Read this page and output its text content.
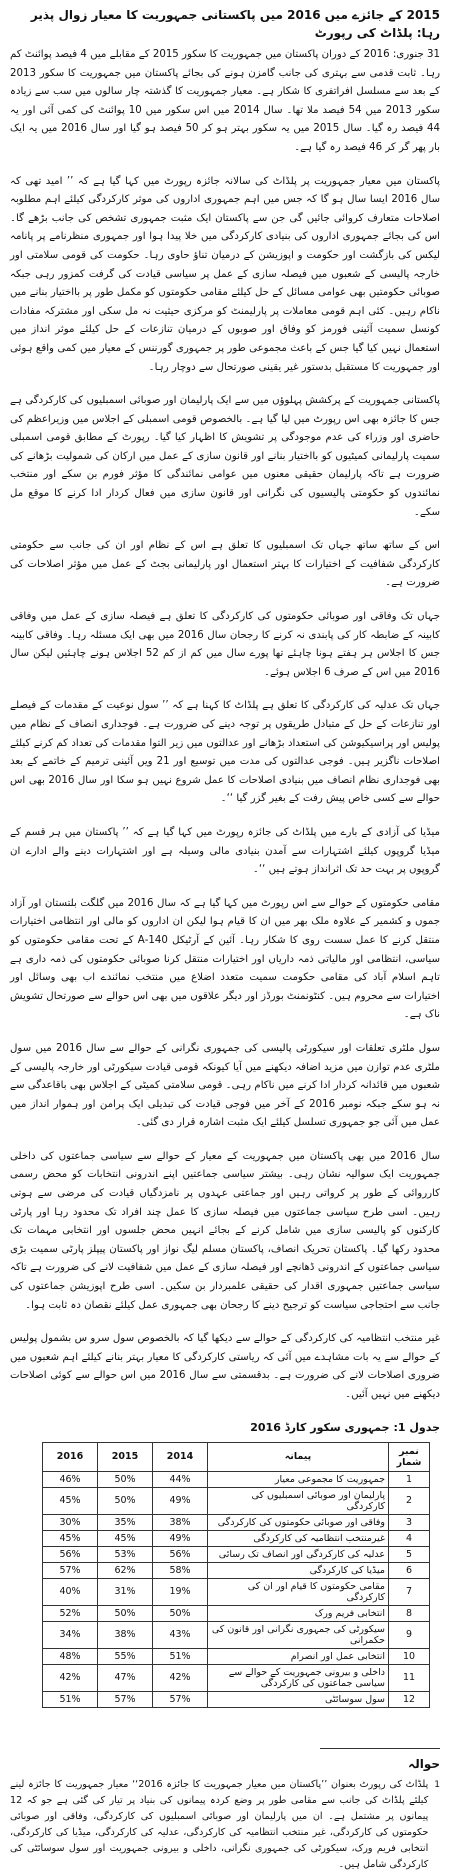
2015 کے جائزے میں 2016 میں پاکستانی جمہوریت کا معیار زوال پذیر رہا: پلڈاٹ کی رپورٹ

31 جنوری: 2016 کے دوران پاکستان میں جمہوریت کا سکور 2015 کے مقابلے میں 4 فیصد پوائنٹ کم رہا۔ ثابت قدمی سے بہتری کی جانب گامزن ہونے کی بجائے پاکستان میں جمہوریت کا سکور 2013 کے بعد سے مسلسل افراتفری کا شکار ہے۔ معیار جمہوریت کا گذشتہ چار سالوں میں سب سے زیادہ سکور 2013 میں 54 فیصد ملا تھا۔ سال 2014 میں اس سکور میں 10 پوائنٹ کی کمی آئی اور یہ 44 فیصد رہ گیا۔ سال 2015 میں یہ سکور بہتر ہو کر 50 فیصد ہو گیا اور سال 2016 میں یہ ایک بار پھر گر کر 46 فیصد رہ گیا ہے۔

پاکستان میں معیار جمہوریت پر پلڈاٹ کی سالانہ جائزہ رپورٹ میں کہا گیا ہے کہ ’’ امید تھی کہ سال 2016 ایسا سال ہو گا کہ جس میں اہم جمہوری اداروں کی موثر کارکردگی کیلئے اہم مطلوبہ اصلاحات متعارف کروائی جائیں گی جن سے پاکستان ایک مثبت جمہوری تشخص کی جانب بڑھے گا۔ اس کی بجائے جمہوری اداروں کی بنیادی کارکردگی میں خلا پیدا ہوا اور جمہوری منظرنامے پر پانامہ لیکس کی بازگشت اور حکومت و اپوزیشن کے درمیان تناؤ حاوی رہا۔ حکومت کی قومی سلامتی اور خارجہ پالیسی کے شعبوں میں فیصلہ سازی کے عمل پر سیاسی قیادت کی گرفت کمزور رہی جبکہ صوبائی حکومتیں بھی عوامی مسائل کے حل کیلئے مقامی حکومتوں کو مکمل طور پر بااختیار بنانے میں ناکام رہیں۔ کئی اہم قومی معاملات پر پارلیمنٹ کو مرکزی حیثیت نہ مل سکی اور مشترکہ مفادات کونسل سمیت آئینی فورمز کو وفاق اور صوبوں کے درمیان تنازعات کے حل کیلئے موثر انداز میں استعمال نہیں کیا گیا جس کے باعث مجموعی طور پر جمہوری گورننس کے معیار میں کمی واقع ہوئی اور جمہوریت کا مستقبل بدستور غیر یقینی صورتحال سے دوچار رہا۔

پاکستانی جمہوریت کے پرکشش پہلوؤں میں سے ایک پارلیمان اور صوبائی اسمبلیوں کی کارکردگی ہے جس کا جائزہ بھی اس رپورٹ میں لیا گیا ہے۔ بالخصوص قومی اسمبلی کے اجلاس میں وزیراعظم کی حاضری اور وزراء کی عدم موجودگی پر تشویش کا اظہار کیا گیا۔ رپورٹ کے مطابق قومی اسمبلی سمیت پارلیمانی کمیٹیوں کو بااختیار بنانے اور قانون سازی کے عمل میں ارکان کی شمولیت بڑھانے کی ضرورت ہے تاکہ پارلیمان حقیقی معنوں میں عوامی نمائندگی کا مؤثر فورم بن سکے اور منتخب نمائندوں کو حکومتی پالیسیوں کی نگرانی اور قانون سازی میں فعال کردار ادا کرنے کا موقع مل سکے۔

اس کے ساتھ ساتھ جہاں تک اسمبلیوں کا تعلق ہے اس کے نظام اور ان کی جانب سے حکومتی کارکردگی شفافیت کے اختیارات کا بہتر استعمال اور پارلیمانی بجٹ کے عمل میں مؤثر اصلاحات کی ضرورت ہے۔

جہاں تک وفاقی اور صوبائی حکومتوں کی کارکردگی کا تعلق ہے فیصلہ سازی کے عمل میں وفاقی کابینہ کے ضابطہ کار کی پابندی نہ کرنے کا رجحان سال 2016 میں بھی ایک مسئلہ رہا۔ وفاقی کابینہ جس کا اجلاس ہر ہفتے ہونا چاہئے تھا پورے سال میں کم از کم 52 اجلاس ہونے چاہئیں لیکن سال 2016 میں اس کے صرف 6 اجلاس ہوئے۔

جہاں تک عدلیہ کی کارکردگی کا تعلق ہے پلڈاٹ کا کہنا ہے کہ ’’ سول نوعیت کے مقدمات کے فیصلے اور تنازعات کے حل کے متبادل طریقوں پر توجہ دینے کی ضرورت ہے۔ فوجداری انصاف کے نظام میں پولیس اور پراسیکیوشن کی استعداد بڑھانے اور عدالتوں میں زیر التوا مقدمات کی تعداد کم کرنے کیلئے اصلاحات ناگزیر ہیں۔ فوجی عدالتوں کی مدت میں توسیع اور 21 ویں آئینی ترمیم کے خاتمے کے بعد بھی فوجداری نظام انصاف میں بنیادی اصلاحات کا عمل شروع نہیں ہو سکا اور سال 2016 بھی اس حوالے سے کسی خاص پیش رفت کے بغیر گزر گیا ‘‘۔

میڈیا کی آزادی کے بارے میں پلڈاٹ کی جائزہ رپورٹ میں کہا گیا ہے کہ ’’ پاکستان میں ہر قسم کے میڈیا گروپوں کیلئے اشتہارات سے آمدن بنیادی مالی وسیلہ ہے اور اشتہارات دینے والے ادارے ان گروپوں پر بہت حد تک اثرانداز ہوتے ہیں ‘‘۔

مقامی حکومتوں کے حوالے سے اس رپورٹ میں کہا گیا ہے کہ سال 2016 میں گلگت بلتستان اور آزاد جموں و کشمیر کے علاوہ ملک بھر میں ان کا قیام ہوا لیکن ان اداروں کو مالی اور انتظامی اختیارات منتقل کرنے کا عمل سست روی کا شکار رہا۔ آئین کے آرٹیکل 140-A کے تحت مقامی حکومتوں کو سیاسی، انتظامی اور مالیاتی ذمہ داریاں اور اختیارات منتقل کرنا صوبائی حکومتوں کی ذمہ داری ہے تاہم اسلام آباد کی مقامی حکومت سمیت متعدد اضلاع میں منتخب نمائندے اب بھی وسائل اور اختیارات سے محروم ہیں۔ کنٹونمنٹ بورڈز اور دیگر علاقوں میں بھی اس حوالے سے صورتحال تشویش ناک ہے۔

سول ملٹری تعلقات اور سیکورٹی پالیسی کی جمہوری نگرانی کے حوالے سے سال 2016 میں سول ملٹری عدم توازن میں مزید اضافہ دیکھنے میں آیا کیونکہ قومی قیادت سیکورٹی اور خارجہ پالیسی کے شعبوں میں قائدانہ کردار ادا کرنے میں ناکام رہی۔ قومی سلامتی کمیٹی کے اجلاس بھی باقاعدگی سے نہ ہو سکے جبکہ نومبر 2016 کے آخر میں فوجی قیادت کی تبدیلی ایک پرامن اور ہموار انداز میں عمل میں آئی جو جمہوری تسلسل کیلئے ایک مثبت اشارہ قرار دی گئی۔

سال 2016 میں بھی پاکستان میں جمہوریت کے معیار کے حوالے سے سیاسی جماعتوں کی داخلی جمہوریت ایک سوالیہ نشان رہی۔ بیشتر سیاسی جماعتیں اپنے اندرونی انتخابات کو محض رسمی کارروائی کے طور پر کرواتی رہیں اور جماعتی عہدوں پر نامزدگیاں قیادت کی مرضی سے ہوتی رہیں۔ اسی طرح سیاسی جماعتوں میں فیصلہ سازی کا عمل چند افراد تک محدود رہا اور پارٹی کارکنوں کو پالیسی سازی میں شامل کرنے کے بجائے انہیں محض جلسوں اور انتخابی مہمات تک محدود رکھا گیا۔ پاکستان تحریک انصاف، پاکستان مسلم لیگ نواز اور پاکستان پیپلز پارٹی سمیت بڑی سیاسی جماعتوں کے اندرونی ڈھانچے اور فیصلہ سازی کے عمل میں شفافیت لانے کی ضرورت ہے تاکہ سیاسی جماعتیں جمہوری اقدار کی حقیقی علمبردار بن سکیں۔ اسی طرح اپوزیشن جماعتوں کی جانب سے احتجاجی سیاست کو ترجیح دینے کا رجحان بھی جمہوری عمل کیلئے نقصان دہ ثابت ہوا۔

غیر منتخب انتظامیہ کی کارکردگی کے حوالے سے دیکھا گیا کہ بالخصوص سول سرو س بشمول پولیس کے حوالے سے یہ بات مشاہدے میں آئی کہ ریاستی کارکردگی کا معیار بہتر بنانے کیلئے اہم شعبوں میں ضروری اصلاحات لانے کی ضرورت ہے۔ بدقسمتی سے سال 2016 میں اس حوالے سے کوئی اصلاحات دیکھنے میں نہیں آئیں۔

جدول 1: جمہوری سکور کارڈ 2016
نمبر شمار	پیمانہ	2014	2015	2016
1	جمہوریت کا مجموعی معیار	44%	50%	46%
2	پارلیمان اور صوبائی اسمبلیوں کی کارکردگی	49%	50%	45%
3	وفاقی اور صوبائی حکومتوں کی کارکردگی	38%	35%	30%
4	غیرمنتخب انتظامیہ کی کارکردگی	49%	45%	45%
5	عدلیہ کی کارکردگی اور انصاف تک رسائی	56%	53%	56%
6	میڈیا کی کارکردگی	58%	62%	57%
7	مقامی حکومتوں کا قیام اور ان کی کارکردگی	19%	31%	40%
8	انتخابی فریم ورک	50%	50%	52%
9	سیکورٹی کی جمہوری نگرانی اور قانون کی حکمرانی	43%	38%	34%
10	انتخابی عمل اور انصرام	51%	55%	48%
11	داخلی و بیرونی جمہوریت کے حوالے سے سیاسی جماعتوں کی کارکردگی	42%	47%	42%
12	سول سوسائٹی	57%	57%	51%
حوالہ
1
پلڈاٹ کی رپورٹ بعنوان ’’پاکستان میں معیار جمہوریت کا جائزہ 2016‘‘ معیار جمہوریت کا جائزہ لینے کیلئے پلڈاٹ کی جانب سے مقامی طور پر وضع کردہ پیمانوں کی بنیاد پر تیار کی گئی ہے جو کہ 12 پیمانوں پر مشتمل ہے۔ ان میں پارلیمان اور صوبائی اسمبلیوں کی کارکردگی، وفاقی اور صوبائی حکومتوں کی کارکردگی، غیر منتخب انتظامیہ کی کارکردگی، عدلیہ کی کارکردگی، میڈیا کی کارکردگی، انتخابی فریم ورک، سیکورٹی کی جمہوری نگرانی، داخلی و بیرونی جمہوریت اور سول سوسائٹی کی کارکردگی شامل ہیں۔
